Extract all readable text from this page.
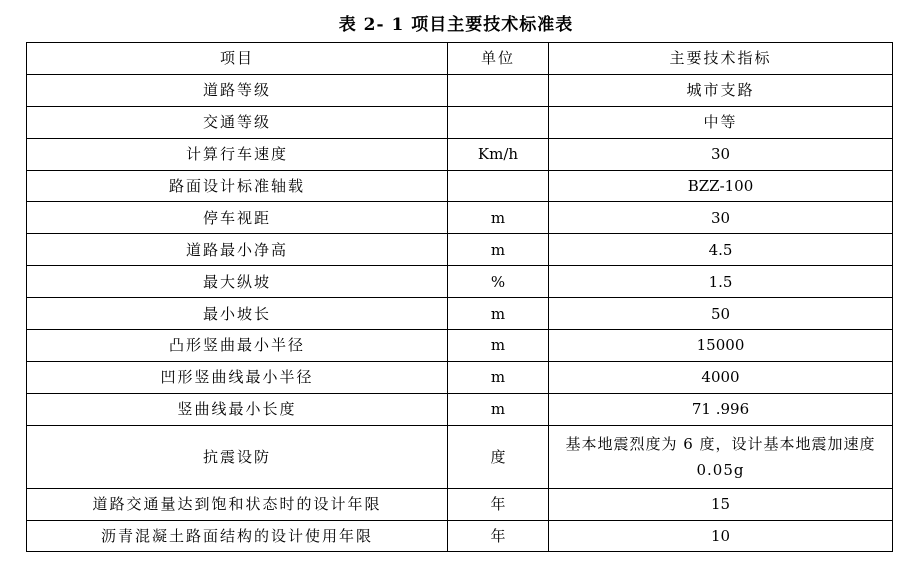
表 2- 1 项目主要技术标准表
项目	单位	主要技术指标
道路等级		城市支路
交通等级		中等
计算行车速度	Km/h	30
路面设计标准轴载		BZZ-100
停车视距	m	30
道路最小净高	m	4.5
最大纵坡	%	1.5
最小坡长	m	50
凸形竖曲最小半径	m	15000
凹形竖曲线最小半径	m	4000
竖曲线最小长度	m	71 .996
抗震设防	度	基本地震烈度为 6 度，设计基本地震加速度 0.05g
道路交通量达到饱和状态时的设计年限	年	15
沥青混凝土路面结构的设计使用年限	年	10
